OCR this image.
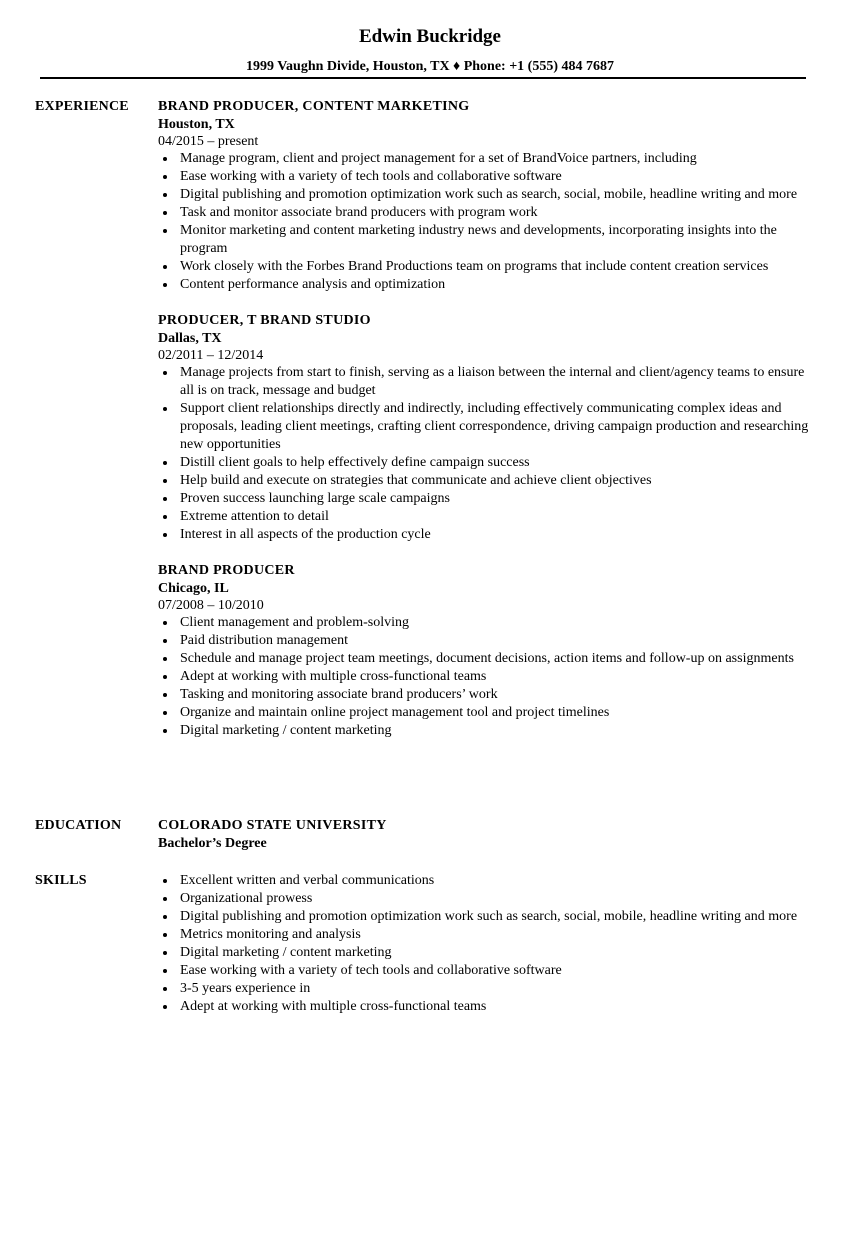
Edwin Buckridge
1999 Vaughn Divide, Houston, TX ♦ Phone: +1 (555) 484 7687
EXPERIENCE BRAND PRODUCER, CONTENT MARKETING
Houston, TX
04/2015 – present
Manage program, client and project management for a set of BrandVoice partners, including
Ease working with a variety of tech tools and collaborative software
Digital publishing and promotion optimization work such as search, social, mobile, headline writing and more
Task and monitor associate brand producers with program work
Monitor marketing and content marketing industry news and developments, incorporating insights into the program
Work closely with the Forbes Brand Productions team on programs that include content creation services
Content performance analysis and optimization
PRODUCER, T BRAND STUDIO
Dallas, TX
02/2011 – 12/2014
Manage projects from start to finish, serving as a liaison between the internal and client/agency teams to ensure all is on track, message and budget
Support client relationships directly and indirectly, including effectively communicating complex ideas and proposals, leading client meetings, crafting client correspondence, driving campaign production and researching new opportunities
Distill client goals to help effectively define campaign success
Help build and execute on strategies that communicate and achieve client objectives
Proven success launching large scale campaigns
Extreme attention to detail
Interest in all aspects of the production cycle
BRAND PRODUCER
Chicago, IL
07/2008 – 10/2010
Client management and problem-solving
Paid distribution management
Schedule and manage project team meetings, document decisions, action items and follow-up on assignments
Adept at working with multiple cross-functional teams
Tasking and monitoring associate brand producers’ work
Organize and maintain online project management tool and project timelines
Digital marketing / content marketing
EDUCATION	COLORADO STATE UNIVERSITY
Bachelor’s Degree
SKILLS	Excellent written and verbal communications
Organizational prowess
Digital publishing and promotion optimization work such as search, social, mobile, headline writing and more
Metrics monitoring and analysis
Digital marketing / content marketing
Ease working with a variety of tech tools and collaborative software
3-5 years experience in
Adept at working with multiple cross-functional teams
